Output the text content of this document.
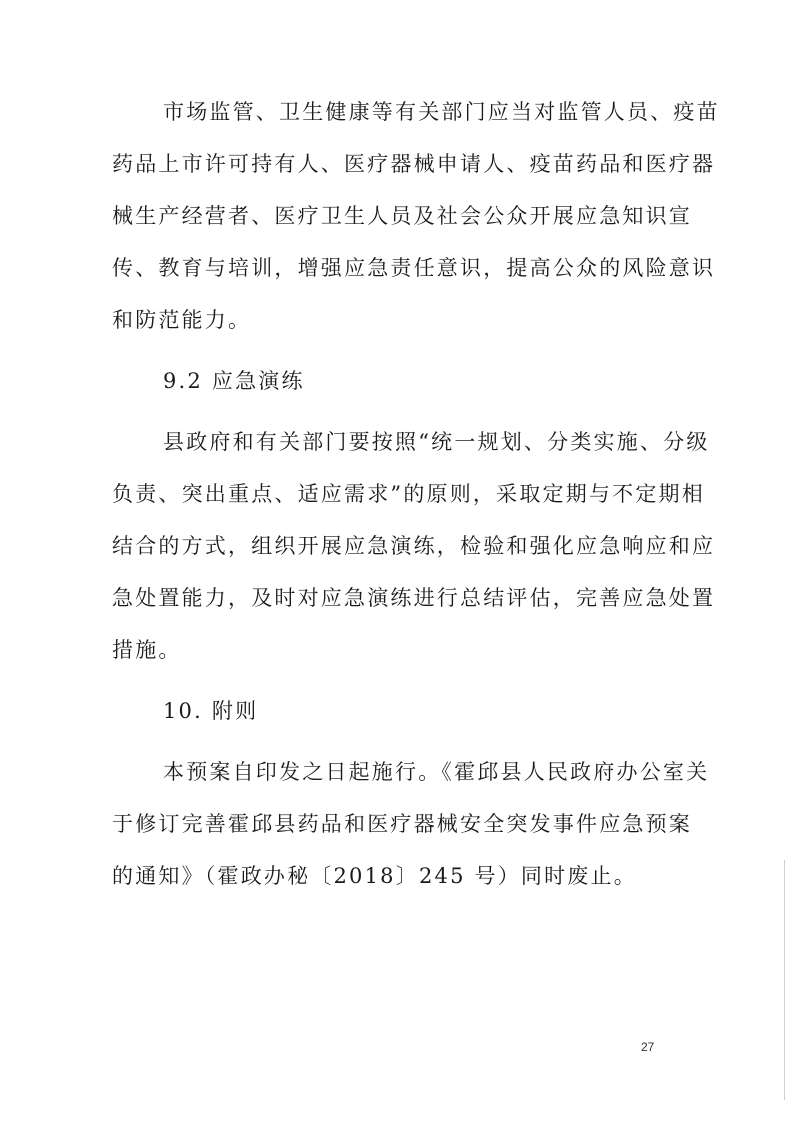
市场监管、卫生健康等有关部门应当对监管人员、疫苗
药品上市许可持有人、医疗器械申请人、疫苗药品和医疗器
械生产经营者、医疗卫生人员及社会公众开展应急知识宣
传、教育与培训，增强应急责任意识，提高公众的风险意识
和防范能力。
9.2 应急演练
县政府和有关部门要按照“统一规划、分类实施、分级
负责、突出重点、适应需求”的原则，采取定期与不定期相
结合的方式，组织开展应急演练，检验和强化应急响应和应
急处置能力，及时对应急演练进行总结评估，完善应急处置
措施。
10. 附则
本预案自印发之日起施行。《霍邱县人民政府办公室关
于修订完善霍邱县药品和医疗器械安全突发事件应急预案
的通知》（霍政办秘〔2018〕245 号）同时废止。
27
